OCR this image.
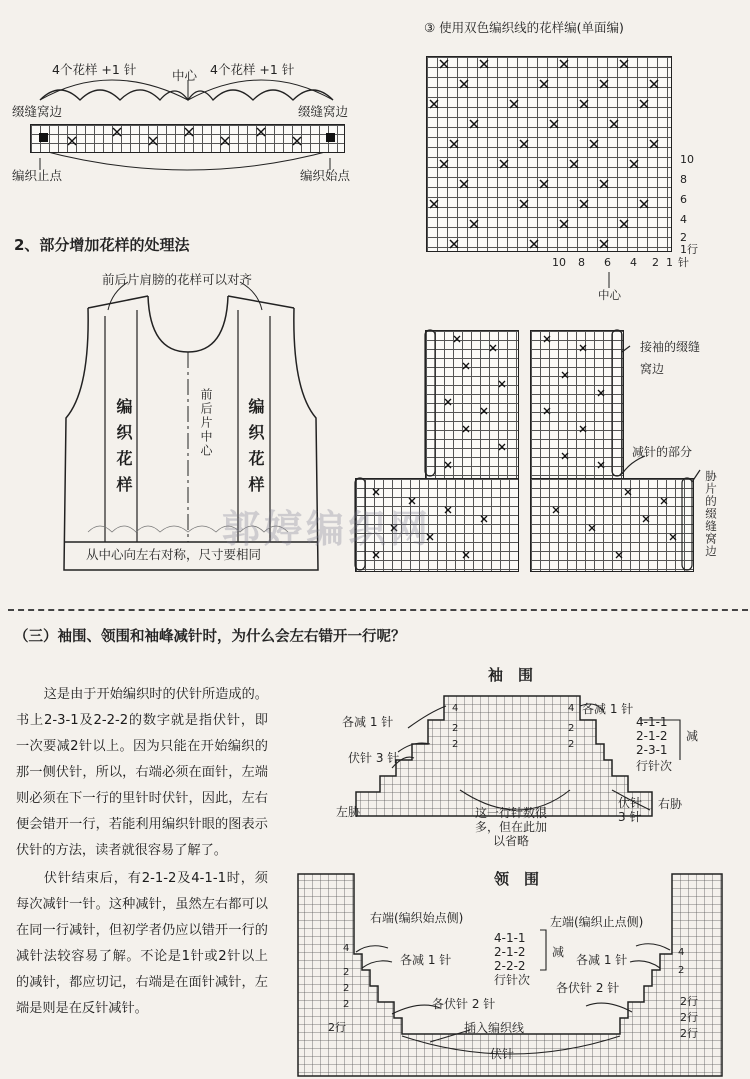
4个花样 +1 针	中心 4个花样 +1 针
缀缝窝边	缀缝窝边
编织止点	编织始点
2、部分增加花样的处理法
前后片肩膀的花样可以对齐
编织花样	编织花样
前后片中心
从中心向左右对称，尺寸要相同
③ 使用双色编织线的花样编(单面编)
10
8
6
4
2
1行
10 8 6 4 2 1 针
中心
接袖的缀缝窝边
减针的部分
胁片的缀缝窝边
郭婷编织网
（三）袖围、领围和袖峰减针时，为什么会左右错开一行呢？

这是由于开始编织时的伏针所造成的。书上2-3-1及2-2-2的数字就是指伏针，即一次要减2针以上。因为只能在开始编织的那一侧伏针，所以，右端必须在面针，左端则必须在下一行的里针时伏针，因此，左右便会错开一行，若能利用编织针眼的图表示伏针的方法，读者就很容易了解了。

伏针结束后，有2-1-2及4-1-1时，须每次减针一针。这种减针，虽然左右都可以在同一行减针，但初学者仍应以错开一行的减针法较容易了解。不论是1针或2针以上的减针，都应切记，右端是在面针减针，左端是则是在反针减针。

袖　围
4	4
2
2
2
2
各减 1 针
各减 1 针
伏针 3 针
伏针3 针
左胁
右胁
4-1-1
2-1-2
2-3-1
减
行针次
这一行针数很多，但在此加以省略
领　围
右端(编织始点侧)	左端(编织止点侧)
4-1-1
2-1-2
2-2-2
行针次
减
各减 1 针	各减 1 针
各伏针 2 针
各伏针 2 针
插入编织线
伏针
4
2
2
2
2行
4
2
2行
2行
2行
